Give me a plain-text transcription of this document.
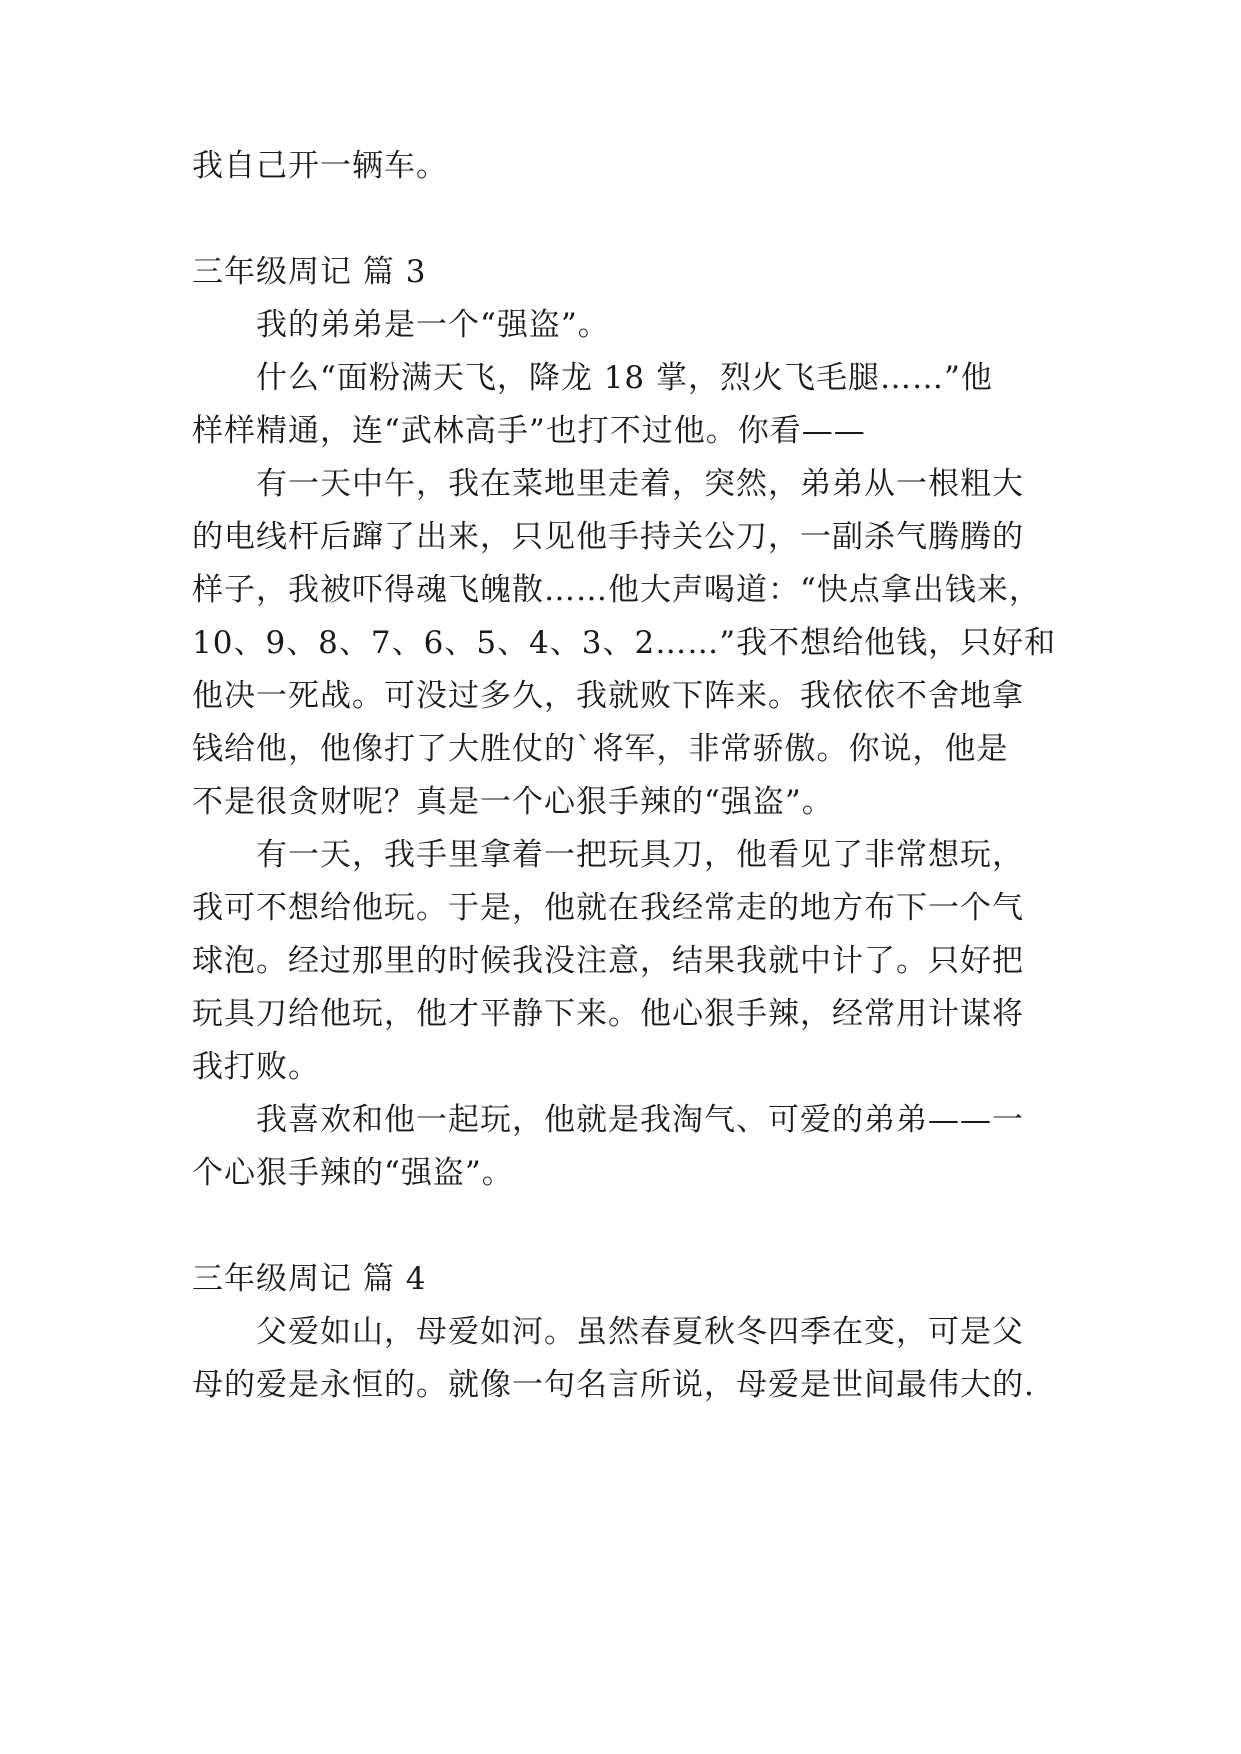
我自己开一辆车。
三年级周记 篇 3
我的弟弟是一个“强盗”。
什么“面粉满天飞，降龙 18 掌，烈火飞毛腿……”他
样样精通，连“武林高手”也打不过他。你看——
有一天中午，我在菜地里走着，突然，弟弟从一根粗大
的电线杆后蹿了出来，只见他手持关公刀，一副杀气腾腾的
样子，我被吓得魂飞魄散……他大声喝道：“快点拿出钱来，
10、9、8、7、6、5、4、3、2……”我不想给他钱，只好和
他决一死战。可没过多久，我就败下阵来。我依依不舍地拿
钱给他，他像打了大胜仗的`将军，非常骄傲。你说，他是
不是很贪财呢？真是一个心狠手辣的“强盗”。
有一天，我手里拿着一把玩具刀，他看见了非常想玩，
我可不想给他玩。于是，他就在我经常走的地方布下一个气
球泡。经过那里的时候我没注意，结果我就中计了。只好把
玩具刀给他玩，他才平静下来。他心狠手辣，经常用计谋将
我打败。
我喜欢和他一起玩，他就是我淘气、可爱的弟弟——一
个心狠手辣的“强盗”。
三年级周记 篇 4
父爱如山，母爱如河。虽然春夏秋冬四季在变，可是父
母的爱是永恒的。就像一句名言所说，母爱是世间最伟大的.
